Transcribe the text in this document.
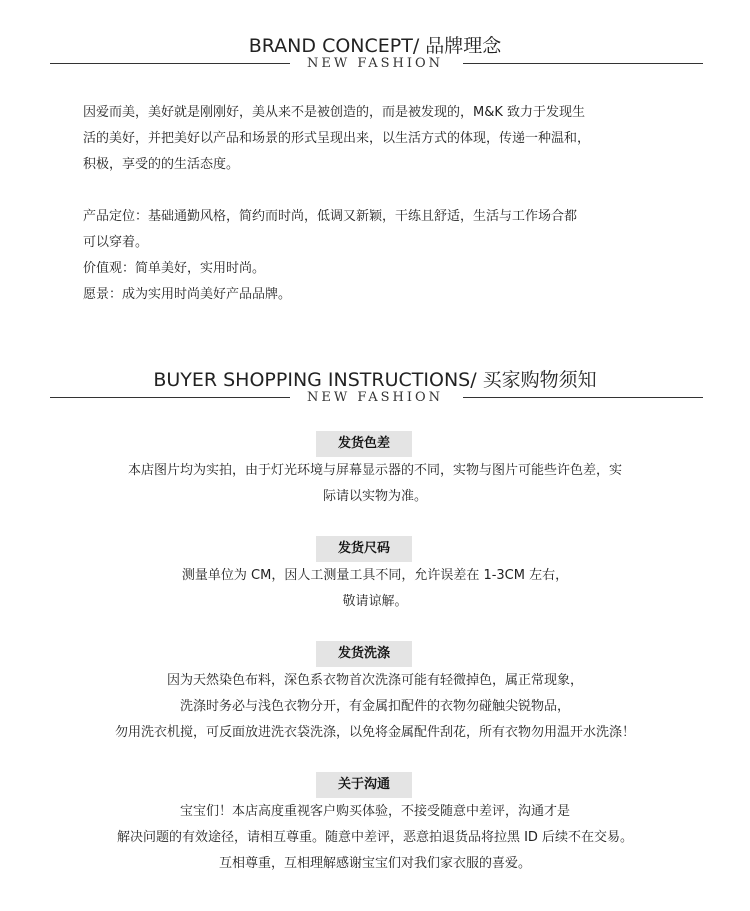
BRAND CONCEPT/ 品牌理念
NEW FASHION

因爱而美，美好就是刚刚好，美从来不是被创造的，而是被发现的，M&K 致力于发现生

活的美好，并把美好以产品和场景的形式呈现出来，以生活方式的体现，传递一种温和，

积极，享受的的生活态度。

产品定位：基础通勤风格，简约而时尚，低调又新颖，干练且舒适，生活与工作场合都

可以穿着。

价值观：简单美好，实用时尚。

愿景：成为实用时尚美好产品品牌。

BUYER SHOPPING INSTRUCTIONS/ 买家购物须知
NEW FASHION
发货色差

本店图片均为实拍，由于灯光环境与屏幕显示器的不同，实物与图片可能些许色差，实

际请以实物为准。

发货尺码

测量单位为 CM，因人工测量工具不同，允许误差在 1-3CM 左右，

敬请谅解。

发货洗涤

因为天然染色布料，深色系衣物首次洗涤可能有轻微掉色，属正常现象，

洗涤时务必与浅色衣物分开，有金属扣配件的衣物勿碰触尖锐物品，

勿用洗衣机搅，可反面放进洗衣袋洗涤，以免将金属配件刮花，所有衣物勿用温开水洗涤！

关于沟通

宝宝们！本店高度重视客户购买体验，不接受随意中差评，沟通才是

解决问题的有效途径，请相互尊重。随意中差评，恶意拍退货品将拉黑 ID 后续不在交易。

互相尊重，互相理解感谢宝宝们对我们家衣服的喜爱。
